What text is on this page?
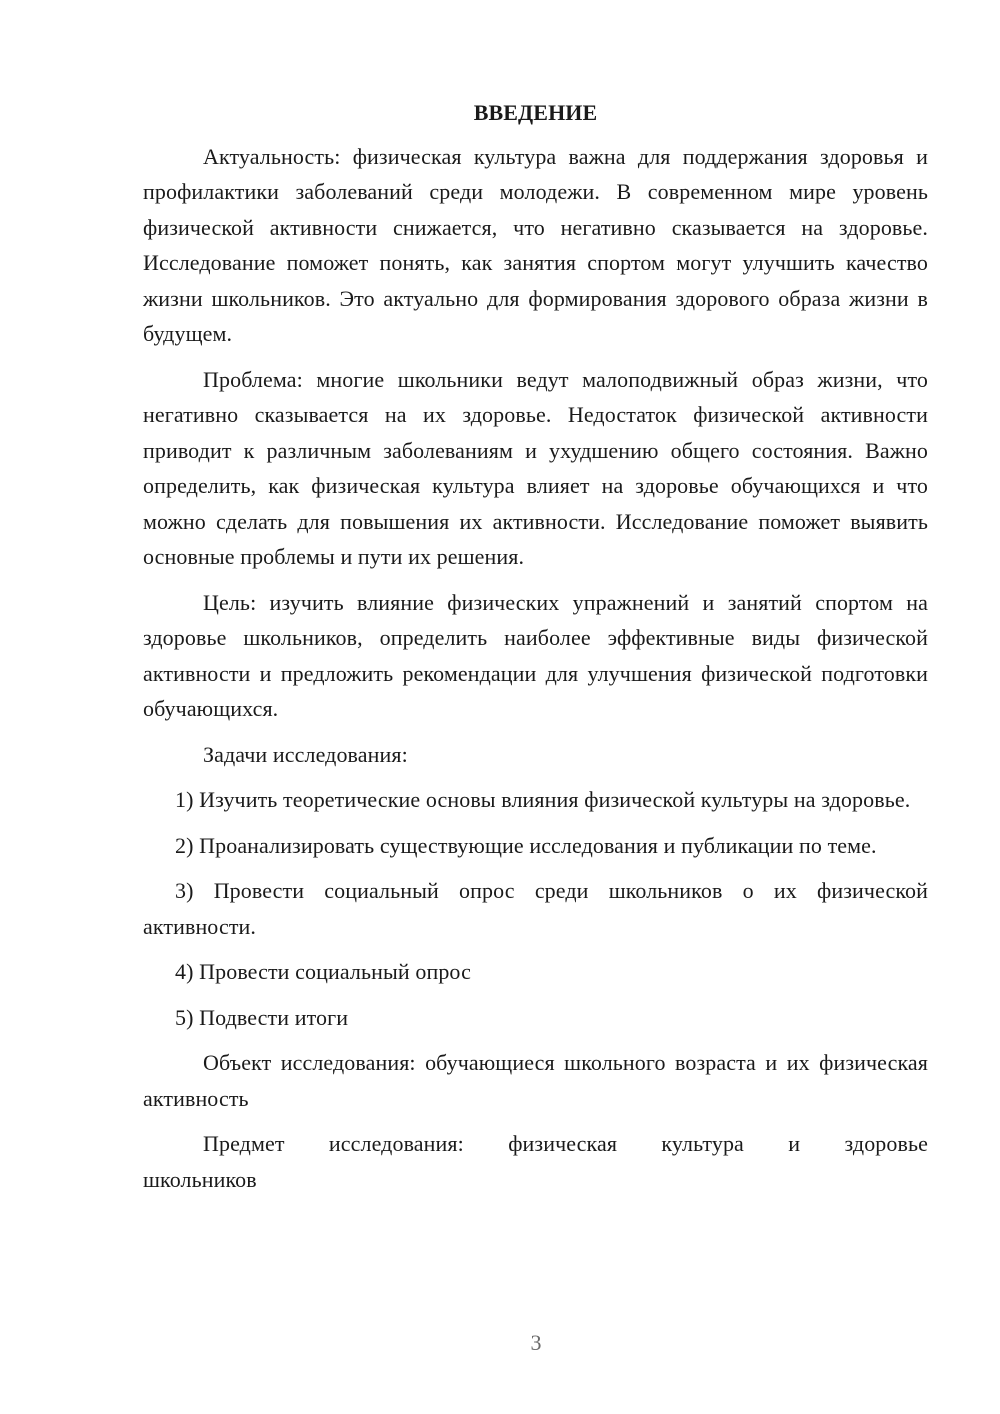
ВВЕДЕНИЕ

Актуальность: физическая культура важна для поддержания здоровья и профилактики заболеваний среди молодежи. В современном мире уровень физической активности снижается, что негативно сказывается на здоровье. Исследование поможет понять, как занятия спортом могут улучшить качество жизни школьников. Это актуально для формирования здорового образа жизни в будущем.

Проблема: многие школьники ведут малоподвижный образ жизни, что негативно сказывается на их здоровье. Недостаток физической активности приводит к различным заболеваниям и ухудшению общего состояния. Важно определить, как физическая культура влияет на здоровье обучающихся и что можно сделать для повышения их активности. Исследование поможет выявить основные проблемы и пути их решения.

Цель: изучить влияние физических упражнений и занятий спортом на здоровье школьников, определить наиболее эффективные виды физической активности и предложить рекомендации для улучшения физической подготовки обучающихся.

Задачи исследования:

1) Изучить теоретические основы влияния физической культуры на здоровье.

2) Проанализировать существующие исследования и публикации по теме.

3) Провести социальный опрос среди школьников о их физической активности.

4) Провести социальный опрос

5) Подвести итоги

Объект исследования: обучающиеся школьного возраста и их физическая активность

Предмет исследования: физическая культура и здоровье

школьников

3
